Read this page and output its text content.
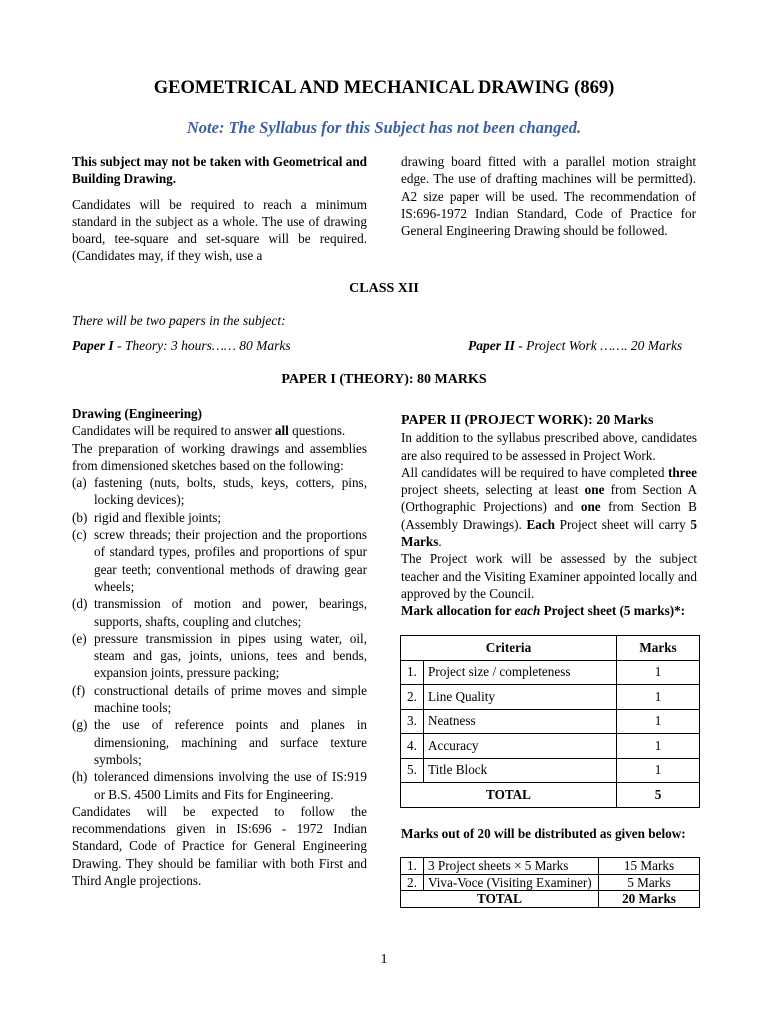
GEOMETRICAL AND MECHANICAL DRAWING (869)

Note: The Syllabus for this Subject has not been changed.

This subject may not be taken with Geometrical and Building Drawing.

Candidates will be required to reach a minimum standard in the subject as a whole. The use of drawing board, tee-square and set-square will be required. (Candidates may, if they wish, use a

drawing board fitted with a parallel motion straight edge. The use of drafting machines will be permitted). A2 size paper will be used. The recommendation of IS:696-1972 Indian Standard, Code of Practice for General Engineering Drawing should be followed.

CLASS XII

There will be two papers in the subject:
Paper I - Theory: 3 hours…… 80 Marks	Paper II - Project Work ……. 20 Marks

PAPER I (THEORY): 80 MARKS

Drawing (Engineering)

Candidates will be required to answer all questions.

The preparation of working drawings and assemblies from dimensioned sketches based on the following:

(a) fastening (nuts, bolts, studs, keys, cotters, pins, locking devices);
(b) rigid and flexible joints;
(c) screw threads; their projection and the proportions of standard types, profiles and proportions of spur gear teeth; conventional methods of drawing gear wheels;
(d) transmission of motion and power, bearings, supports, shafts, coupling and clutches;
(e) pressure transmission in pipes using water, oil, steam and gas, joints, unions, tees and bends, expansion joints, pressure packing;
(f) constructional details of prime moves and simple machine tools;
(g) the use of reference points and planes in dimensioning, machining and surface texture symbols;
(h) toleranced dimensions involving the use of IS:919 or B.S. 4500 Limits and Fits for Engineering.

Candidates will be expected to follow the recommendations given in IS:696 - 1972 Indian Standard, Code of Practice for General Engineering Drawing. They should be familiar with both First and Third Angle projections.

PAPER II (PROJECT WORK): 20 Marks

In addition to the syllabus prescribed above, candidates are also required to be assessed in Project Work.

All candidates will be required to have completed three project sheets, selecting at least one from Section A (Orthographic Projections) and one from Section B (Assembly Drawings). Each Project sheet will carry 5 Marks.

The Project work will be assessed by the subject teacher and the Visiting Examiner appointed locally and approved by the Council.

Mark allocation for each Project sheet (5 marks)*:

Criteria		Marks
1.	Project size / completeness	1
2.	Line Quality	1
3.	Neatness	1
4.	Accuracy	1
5.	Title Block	1
TOTAL		5
Marks out of 20 will be distributed as given below:
1.	3 Project sheets × 5 Marks	15 Marks
2.	Viva-Voce (Visiting Examiner)	5 Marks
TOTAL		20 Marks
1
